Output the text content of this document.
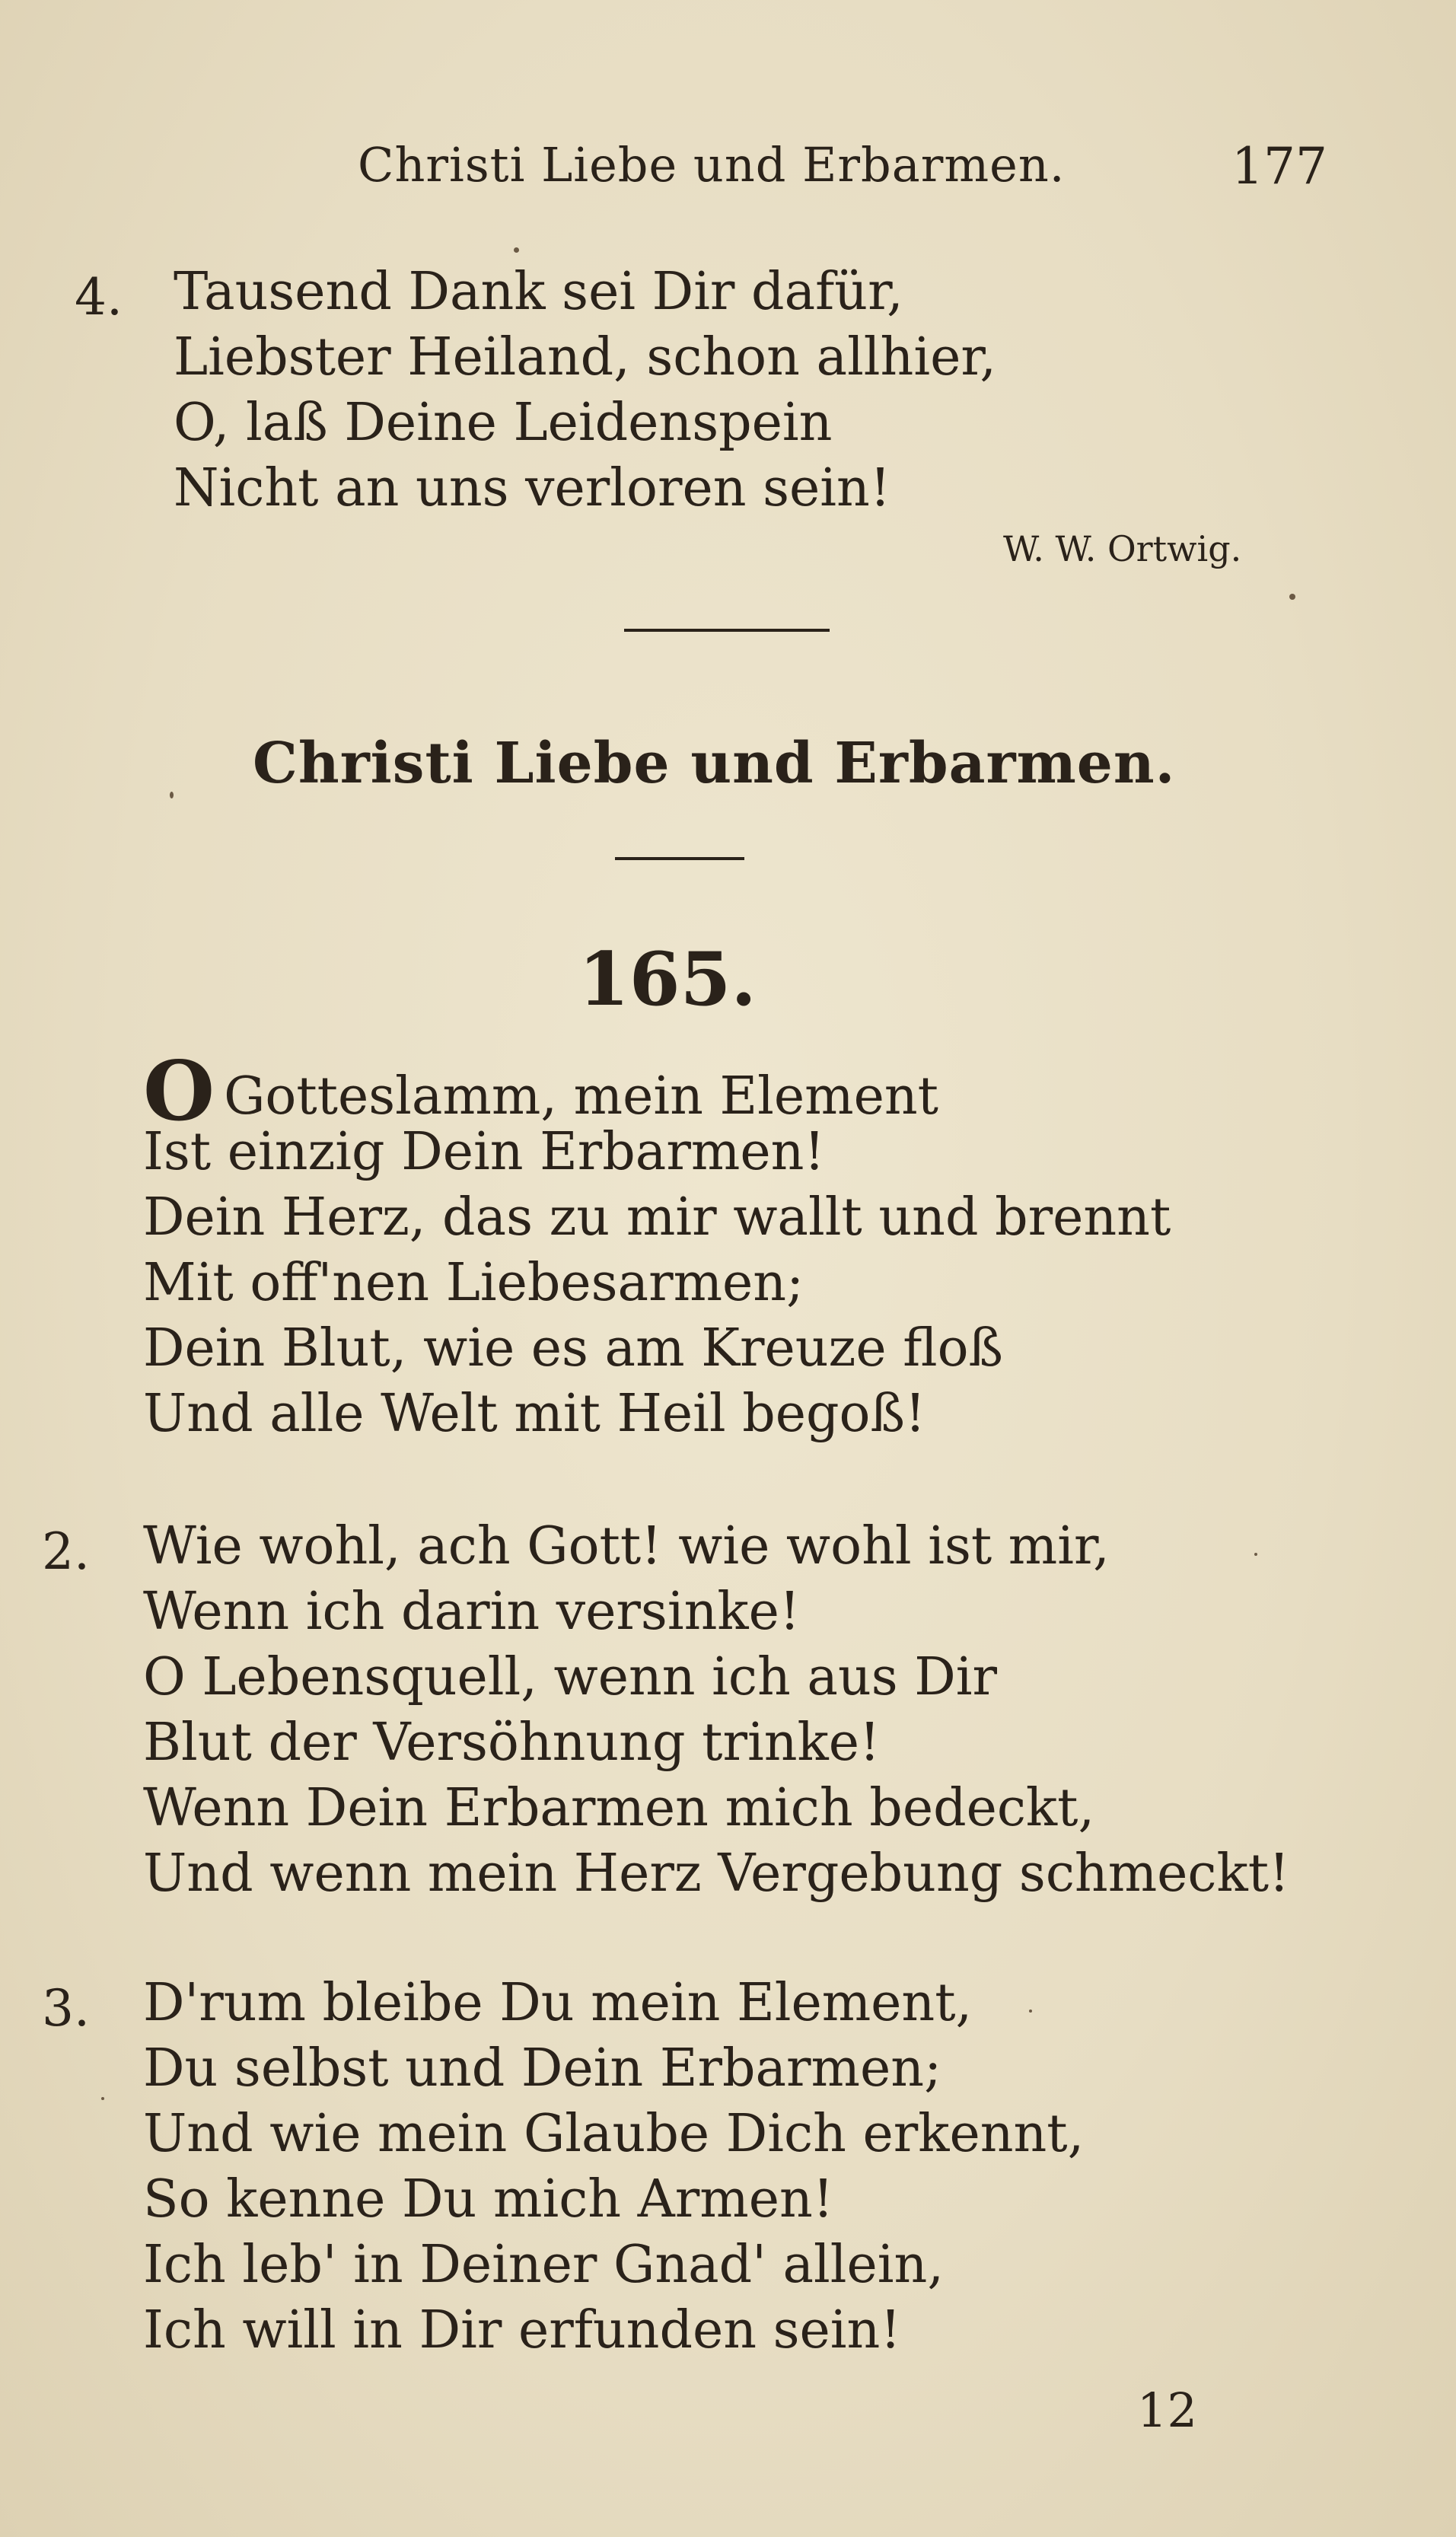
Christi Liebe und Erbarmen.	177
4. Tausend Dank sei Dir dafür,
Liebster Heiland, schon allhier,
O, laß Deine Leidenspein
Nicht an uns verloren sein!
W. W. Ortwig.
Christi Liebe und Erbarmen.
165.
O Gotteslamm, mein Element
Ist einzig Dein Erbarmen!
Dein Herz, das zu mir wallt und brennt
Mit off'nen Liebesarmen;
Dein Blut, wie es am Kreuze floß
Und alle Welt mit Heil begoß!
2. Wie wohl, ach Gott! wie wohl ist mir,
Wenn ich darin versinke!
O Lebensquell, wenn ich aus Dir
Blut der Versöhnung trinke!
Wenn Dein Erbarmen mich bedeckt,
Und wenn mein Herz Vergebung schmeckt!
3. D'rum bleibe Du mein Element,
Du selbst und Dein Erbarmen;
Und wie mein Glaube Dich erkennt,
So kenne Du mich Armen!
Ich leb' in Deiner Gnad' allein,
Ich will in Dir erfunden sein!
12
